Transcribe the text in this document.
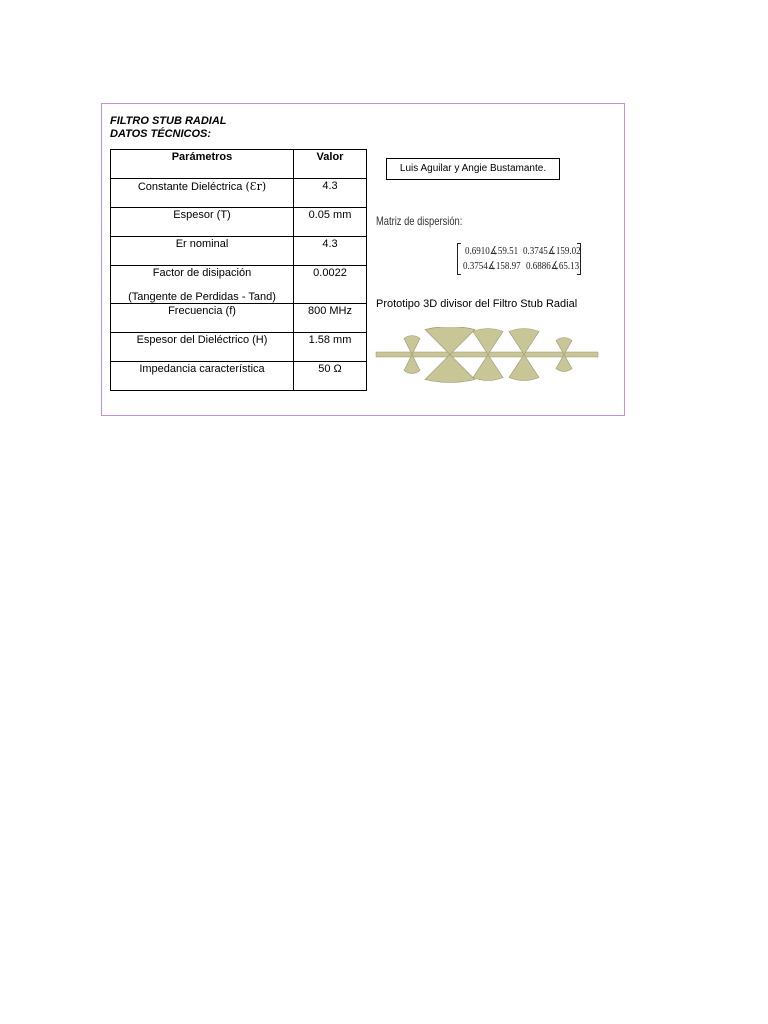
FILTRO STUB RADIAL
DATOS TÉCNICOS:
Parámetros	Valor
Constante Dieléctrica (Ɛr)	4.3
Espesor (T)	0.05 mm
Er nominal	4.3
Factor de disipación
(Tangente de Perdidas - Tand)	0.0022
Frecuencia (f)	800 MHz
Espesor del Dieléctrico (H)	1.58 mm
Impedancia característica	50 Ω
Luis Aguilar y Angie Bustamante.
Matriz de dispersión:
0.6910∡59.51 0.3745∡159.02
0.3754∡158.97 0.6886∡65.13
Prototipo 3D divisor del Filtro Stub Radial
